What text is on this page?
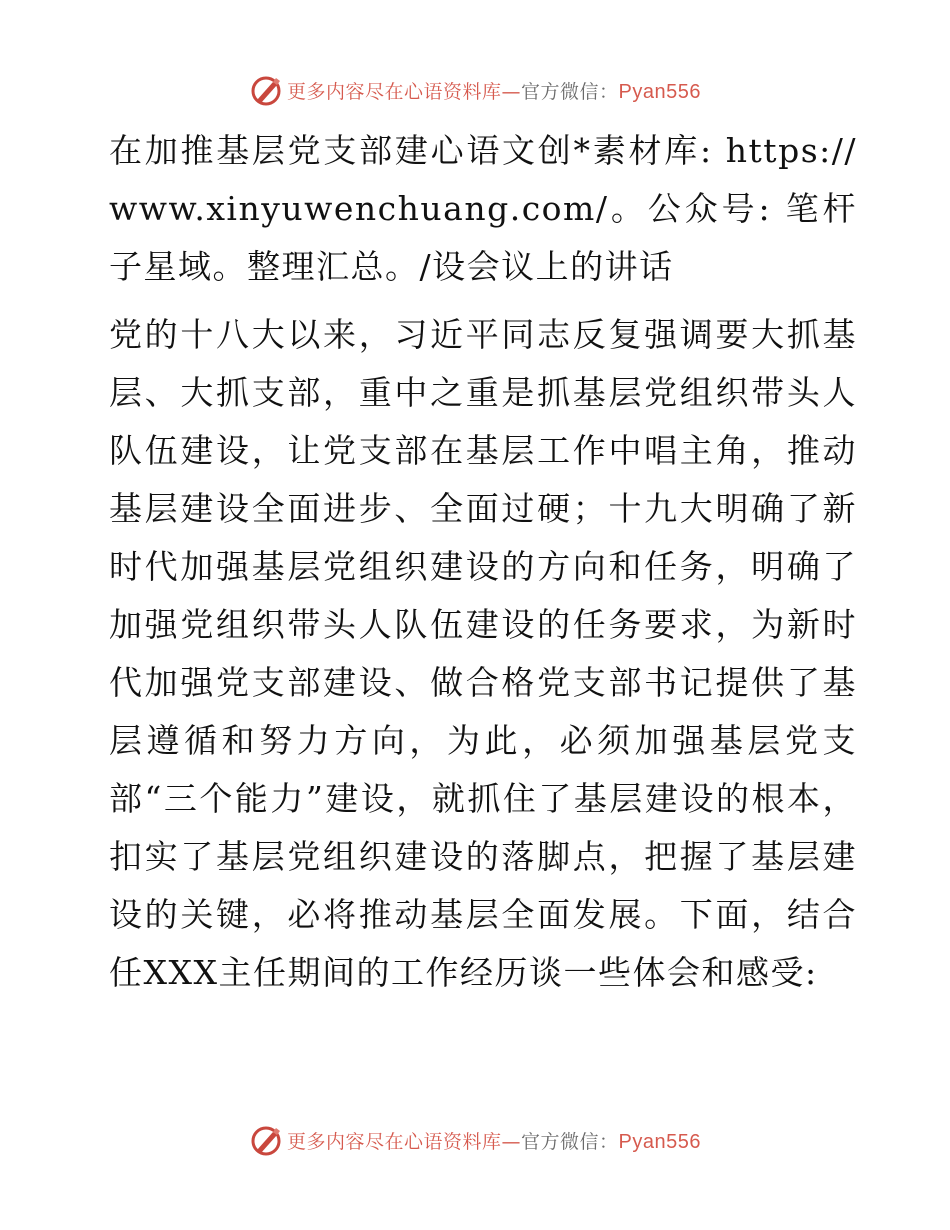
更多内容尽在心语资料库—官方微信：Pyan556

在加推基层党支部建心语文创*素材库: https://www.xinyuwenchuang.com/。公众号: 笔杆子星域。整理汇总。/设会议上的讲话

党的十八大以来，习近平同志反复强调要大抓基层、大抓支部，重中之重是抓基层党组织带头人队伍建设，让党支部在基层工作中唱主角，推动基层建设全面进步、全面过硬；十九大明确了新时代加强基层党组织建设的方向和任务，明确了加强党组织带头人队伍建设的任务要求，为新时代加强党支部建设、做合格党支部书记提供了基层遵循和努力方向，为此，必须加强基层党支部“三个能力”建设，就抓住了基层建设的根本，扣实了基层党组织建设的落脚点，把握了基层建设的关键，必将推动基层全面发展。下面，结合任XXX主任期间的工作经历谈一些体会和感受:

更多内容尽在心语资料库—官方微信：Pyan556
